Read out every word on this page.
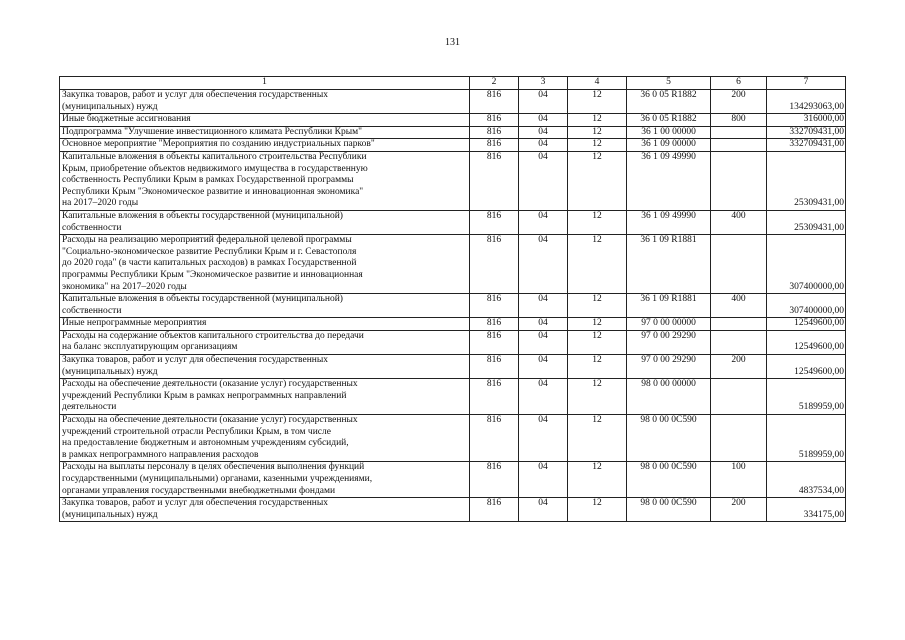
131
1	2	3	4	5	6	7

Закупка товаров, работ и услуг для обеспечения государственных
(муниципальных) нужд	816	04	12	36 0 05 R1882	200	134293063,00

Иные бюджетные ассигнования	816	04	12	36 0 05 R1882	800	316000,00

Подпрограмма "Улучшение инвестиционного климата Республики Крым"	816	04	12	36 1 00 00000		332709431,00

Основное мероприятие "Мероприятия по созданию индустриальных парков"	816	04	12	36 1 09 00000		332709431,00

Капитальные вложения в объекты капитального строительства Республики
Крым, приобретение объектов недвижимого имущества в государственную
собственность Республики Крым в рамках Государственной программы
Республики Крым "Экономическое развитие и инновационная экономика"
на 2017–2020 годы	816	04	12	36 1 09 49990		25309431,00

Капитальные вложения в объекты государственной (муниципальной)
собственности	816	04	12	36 1 09 49990	400	25309431,00

Расходы на реализацию мероприятий федеральной целевой программы
"Социально-экономическое развитие Республики Крым и г. Севастополя
до 2020 года" (в части капитальных расходов) в рамках Государственной
программы Республики Крым "Экономическое развитие и инновационная
экономика" на 2017–2020 годы	816	04	12	36 1 09 R1881		307400000,00

Капитальные вложения в объекты государственной (муниципальной)
собственности	816	04	12	36 1 09 R1881	400	307400000,00

Иные непрограммные мероприятия	816	04	12	97 0 00 00000		12549600,00

Расходы на содержание объектов капитального строительства до передачи
на баланс эксплуатирующим организациям	816	04	12	97 0 00 29290		12549600,00

Закупка товаров, работ и услуг для обеспечения государственных
(муниципальных) нужд	816	04	12	97 0 00 29290	200	12549600,00

Расходы на обеспечение деятельности (оказание услуг) государственных
учреждений Республики Крым в рамках непрограммных направлений
деятельности	816	04	12	98 0 00 00000		5189959,00

Расходы на обеспечение деятельности (оказание услуг) государственных
учреждений строительной отрасли Республики Крым, в том числе
на предоставление бюджетным и автономным учреждениям субсидий,
в рамках непрограммного направления расходов	816	04	12	98 0 00 0С590		5189959,00

Расходы на выплаты персоналу в целях обеспечения выполнения функций
государственными (муниципальными) органами, казенными учреждениями,
органами управления государственными внебюджетными фондами	816	04	12	98 0 00 0С590	100	4837534,00

Закупка товаров, работ и услуг для обеспечения государственных
(муниципальных) нужд	816	04	12	98 0 00 0С590	200	334175,00
